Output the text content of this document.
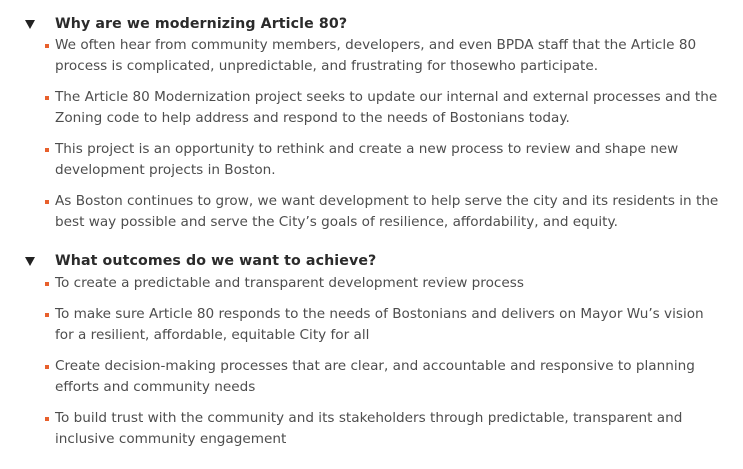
Why are we modernizing Article 80?
We often hear from community members, developers, and even BPDA staff that the Article 80 process is complicated, unpredictable, and frustrating for thosewho participate.
The Article 80 Modernization project seeks to update our internal and external processes and the Zoning code to help address and respond to the needs of Bostonians today.
This project is an opportunity to rethink and create a new process to review and shape new development projects in Boston.
As Boston continues to grow, we want development to help serve the city and its residents in the best way possible and serve the City’s goals of resilience, affordability, and equity.
What outcomes do we want to achieve?
To create a predictable and transparent development review process
To make sure Article 80 responds to the needs of Bostonians and delivers on Mayor Wu’s vision for a resilient, affordable, equitable City for all
Create decision-making processes that are clear, and accountable and responsive to planning efforts and community needs
To build trust with the community and its stakeholders through predictable, transparent and inclusive community engagement
